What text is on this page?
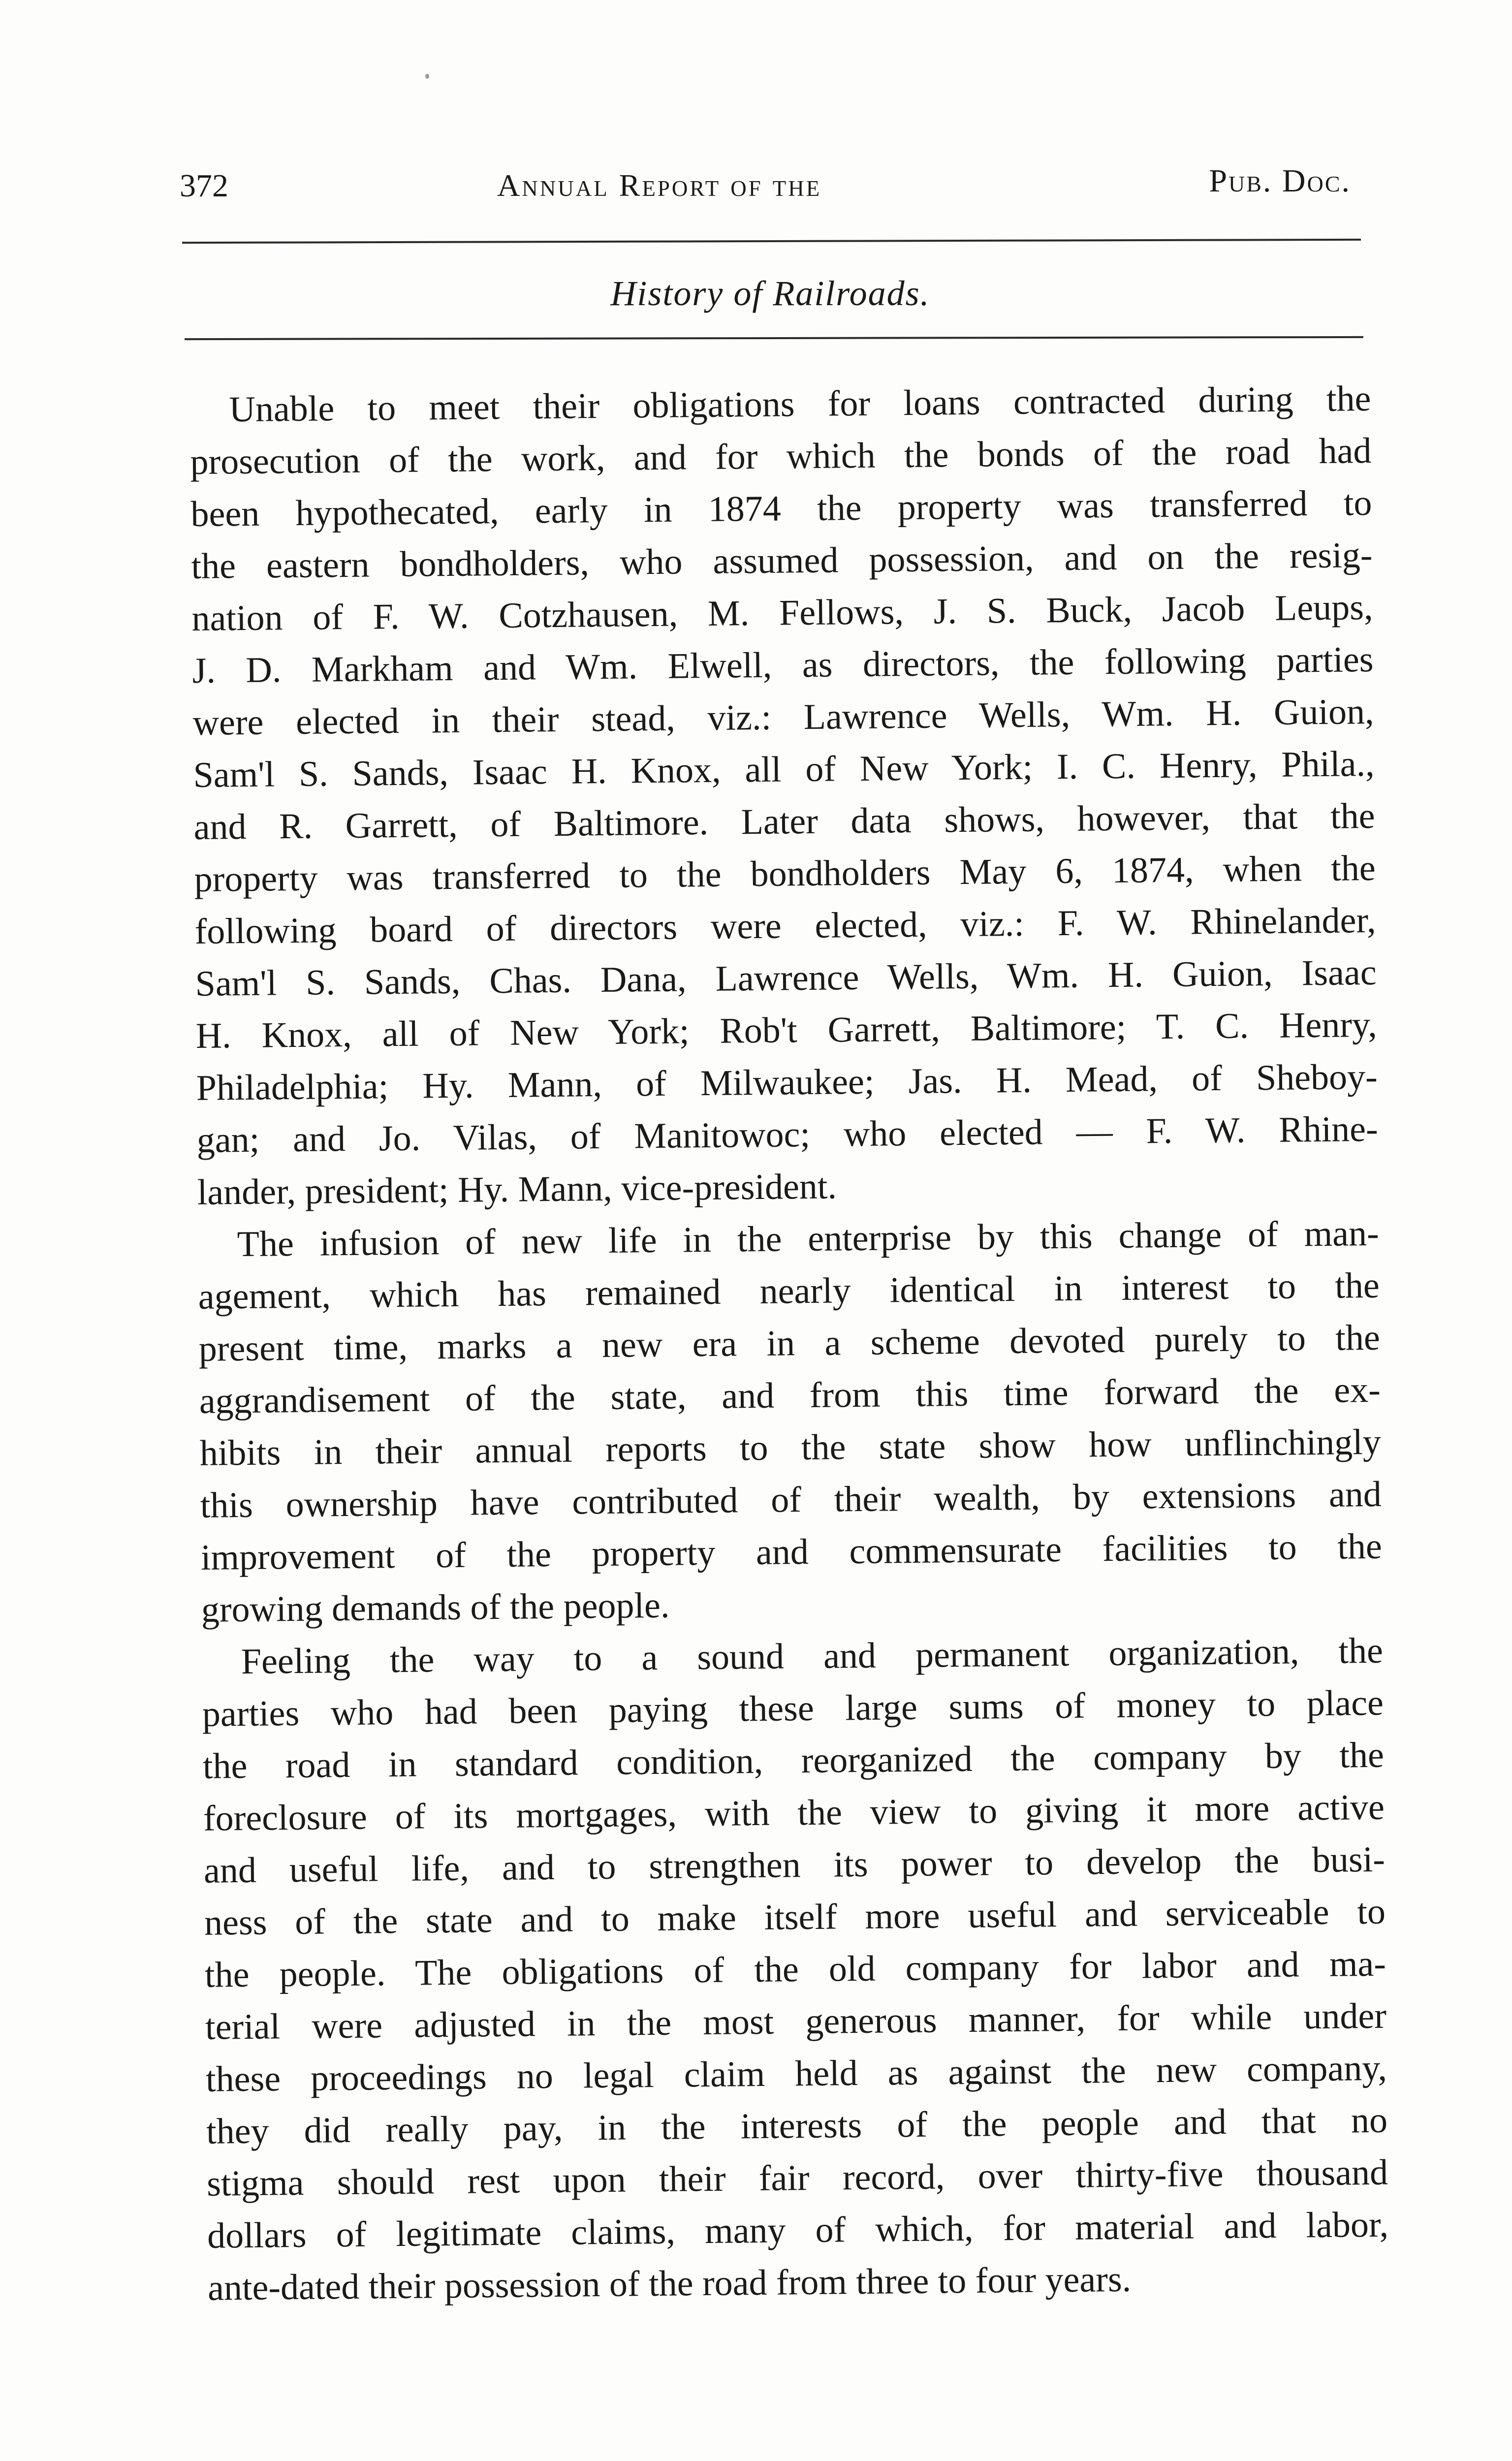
372	Annual Report of the	Pub. Doc.
History of Railroads.
Unable to meet their obligations for loans contracted during the
prosecution of the work, and for which the bonds of the road had
been hypothecated, early in 1874 the property was transferred to
the eastern bondholders, who assumed possession, and on the resig-
nation of F. W. Cotzhausen, M. Fellows, J. S. Buck, Jacob Leups,
J. D. Markham and Wm. Elwell, as directors, the following parties
were elected in their stead, viz.: Lawrence Wells, Wm. H. Guion,
Sam'l S. Sands, Isaac H. Knox, all of New York; I. C. Henry, Phila.,
and R. Garrett, of Baltimore. Later data shows, however, that the
property was transferred to the bondholders May 6, 1874, when the
following board of directors were elected, viz.: F. W. Rhinelander,
Sam'l S. Sands, Chas. Dana, Lawrence Wells, Wm. H. Guion, Isaac
H. Knox, all of New York; Rob't Garrett, Baltimore; T. C. Henry,
Philadelphia; Hy. Mann, of Milwaukee; Jas. H. Mead, of Sheboy-
gan; and Jo. Vilas, of Manitowoc; who elected — F. W. Rhine-
lander, president; Hy. Mann, vice-president.
The infusion of new life in the enterprise by this change of man-
agement, which has remained nearly identical in interest to the
present time, marks a new era in a scheme devoted purely to the
aggrandisement of the state, and from this time forward the ex-
hibits in their annual reports to the state show how unflinchingly
this ownership have contributed of their wealth, by extensions and
improvement of the property and commensurate facilities to the
growing demands of the people.
Feeling the way to a sound and permanent organization, the
parties who had been paying these large sums of money to place
the road in standard condition, reorganized the company by the
foreclosure of its mortgages, with the view to giving it more active
and useful life, and to strengthen its power to develop the busi-
ness of the state and to make itself more useful and serviceable to
the people. The obligations of the old company for labor and ma-
terial were adjusted in the most generous manner, for while under
these proceedings no legal claim held as against the new company,
they did really pay, in the interests of the people and that no
stigma should rest upon their fair record, over thirty-five thousand
dollars of legitimate claims, many of which, for material and labor,
ante-dated their possession of the road from three to four years.
